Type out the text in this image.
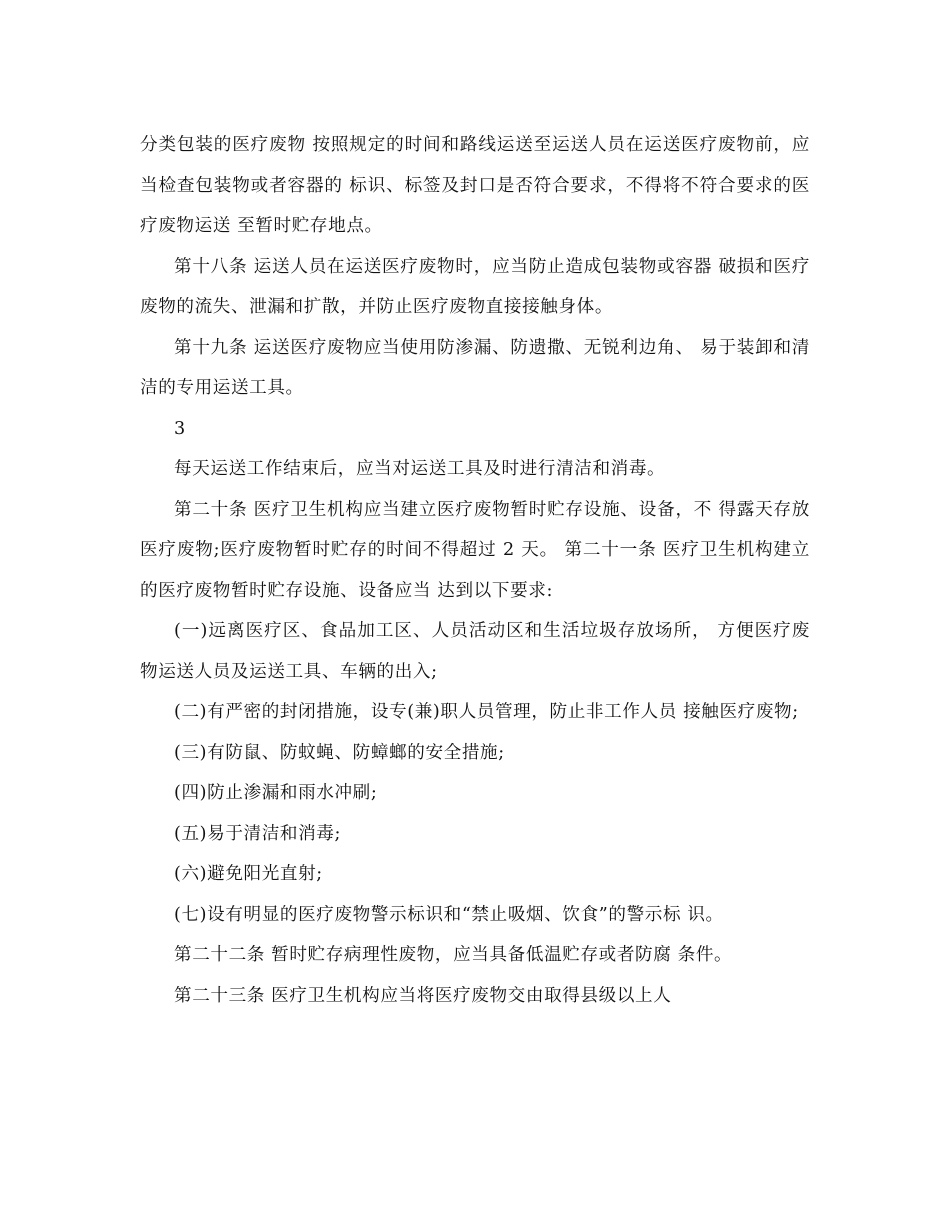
分类包装的医疗废物 按照规定的时间和路线运送至运送人员在运送医疗废物前，应当检查包装物或者容器的 标识、标签及封口是否符合要求，不得将不符合要求的医疗废物运送 至暂时贮存地点。

第十八条 运送人员在运送医疗废物时，应当防止造成包装物或容器 破损和医疗废物的流失、泄漏和扩散，并防止医疗废物直接接触身体。

第十九条 运送医疗废物应当使用防渗漏、防遗撒、无锐利边角、 易于装卸和清洁的专用运送工具。

3

每天运送工作结束后，应当对运送工具及时进行清洁和消毒。

第二十条 医疗卫生机构应当建立医疗废物暂时贮存设施、设备，不 得露天存放医疗废物;医疗废物暂时贮存的时间不得超过 2 天。 第二十一条 医疗卫生机构建立的医疗废物暂时贮存设施、设备应当 达到以下要求:

(一)远离医疗区、食品加工区、人员活动区和生活垃圾存放场所， 方便医疗废物运送人员及运送工具、车辆的出入;

(二)有严密的封闭措施，设专(兼)职人员管理，防止非工作人员 接触医疗废物;

(三)有防鼠、防蚊蝇、防蟑螂的安全措施;

(四)防止渗漏和雨水冲刷;

(五)易于清洁和消毒;

(六)避免阳光直射;

(七)设有明显的医疗废物警示标识和“禁止吸烟、饮食”的警示标 识。

第二十二条 暂时贮存病理性废物，应当具备低温贮存或者防腐 条件。

第二十三条 医疗卫生机构应当将医疗废物交由取得县级以上人
